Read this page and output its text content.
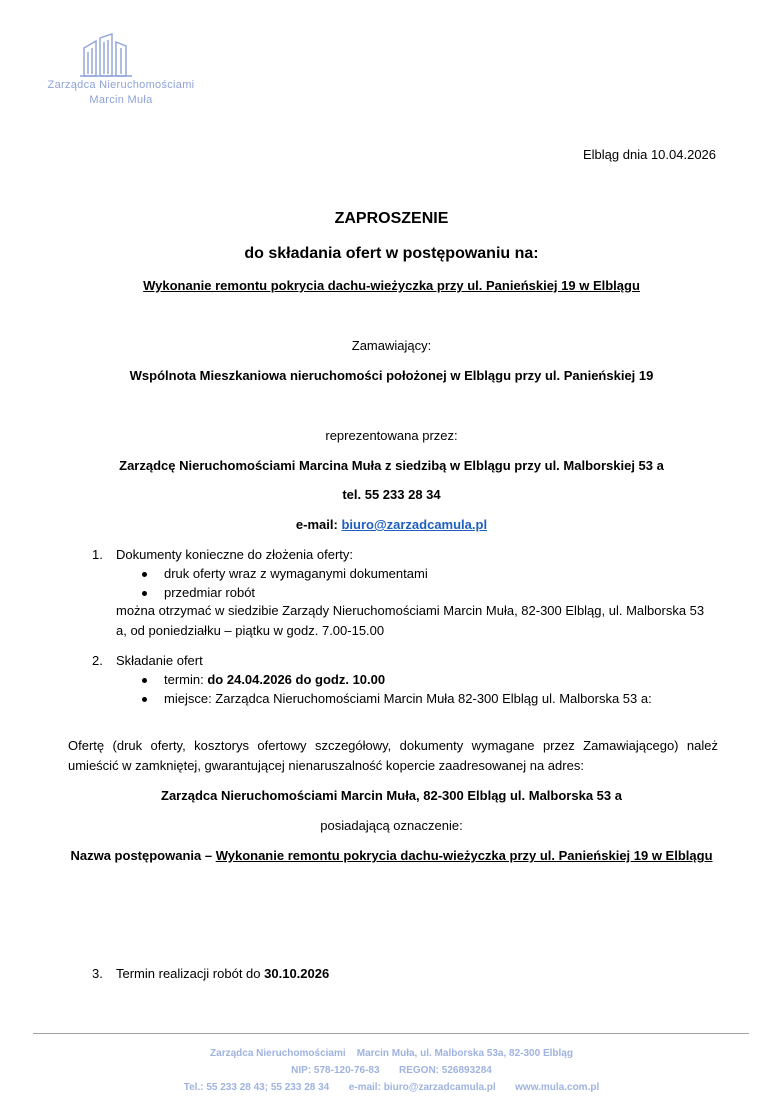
Zarządca Nieruchomościami
Marcin Muła
Elbląg dnia 10.04.2026
ZAPROSZENIE
do składania ofert w postępowaniu na:
Wykonanie remontu pokrycia dachu-wieżyczka przy ul. Panieńskiej 19 w Elblągu
Zamawiający:
Wspólnota Mieszkaniowa nieruchomości położonej w Elblągu przy ul. Panieńskiej 19
reprezentowana przez:
Zarządcę Nieruchomościami Marcina Muła z siedzibą w Elblągu przy ul. Malborskiej 53 a
tel. 55 233 28 34
e-mail: biuro@zarzadcamula.pl
1. Dokumenty konieczne do złożenia oferty:
druk oferty wraz z wymaganymi dokumentami
przedmiar robót
można otrzymać w siedzibie Zarządy Nieruchomościami Marcin Muła, 82-300 Elbląg, ul. Malborska 53
a, od poniedziałku – piątku w godz. 7.00-15.00
2. Składanie ofert
termin: do 24.04.2026 do godz. 10.00
miejsce: Zarządca Nieruchomościami Marcin Muła 82-300 Elbląg ul. Malborska 53 a:
Ofertę (druk oferty, kosztorys ofertowy szczegółowy, dokumenty wymagane przez Zamawiającego) należ
umieścić w zamkniętej, gwarantującej nienaruszalność kopercie zaadresowanej na adres:
Zarządca Nieruchomościami Marcin Muła, 82-300 Elbląg ul. Malborska 53 a
posiadającą oznaczenie:
Nazwa postępowania – Wykonanie remontu pokrycia dachu-wieżyczka przy ul. Panieńskiej 19 w Elblągu
3. Termin realizacji robót do 30.10.2026
Zarządca Nieruchomościami Marcin Muła, ul. Malborska 53a, 82-300 Elbląg
NIP: 578-120-76-83 REGON: 526893284
Tel.: 55 233 28 43; 55 233 28 34 e-mail: biuro@zarzadcamula.pl www.mula.com.pl
